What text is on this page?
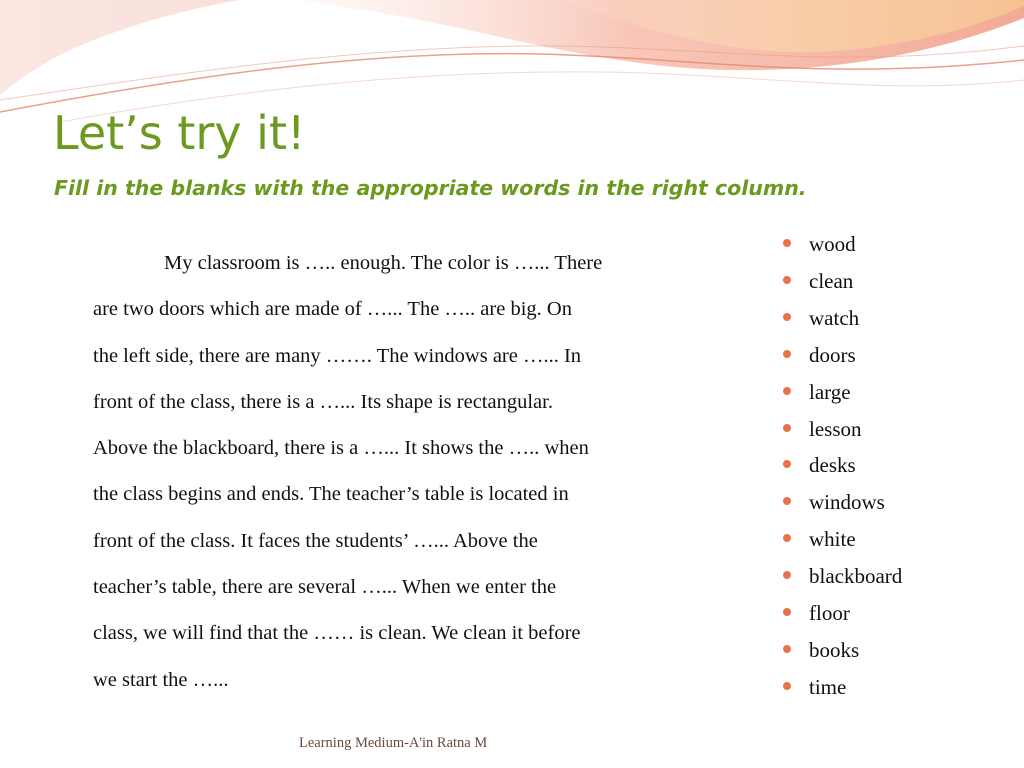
Let’s try it!
Fill in the blanks with the appropriate words in the right column.

My classroom is ….. enough. The color is …... There
are two doors which are made of …... The ….. are big. On
the left side, there are many ……. The windows are …... In
front of the class, there is a …... Its shape is rectangular.
Above the blackboard, there is a …... It shows the ….. when
the class begins and ends. The teacher’s table is located in
front of the class. It faces the students’ …... Above the
teacher’s table, there are several …... When we enter the
class, we will find that the …… is clean. We clean it before
we start the …...

wood
clean
watch
doors
large
lesson
desks
windows
white
blackboard
floor
books
time
Learning Medium-A'in Ratna M
